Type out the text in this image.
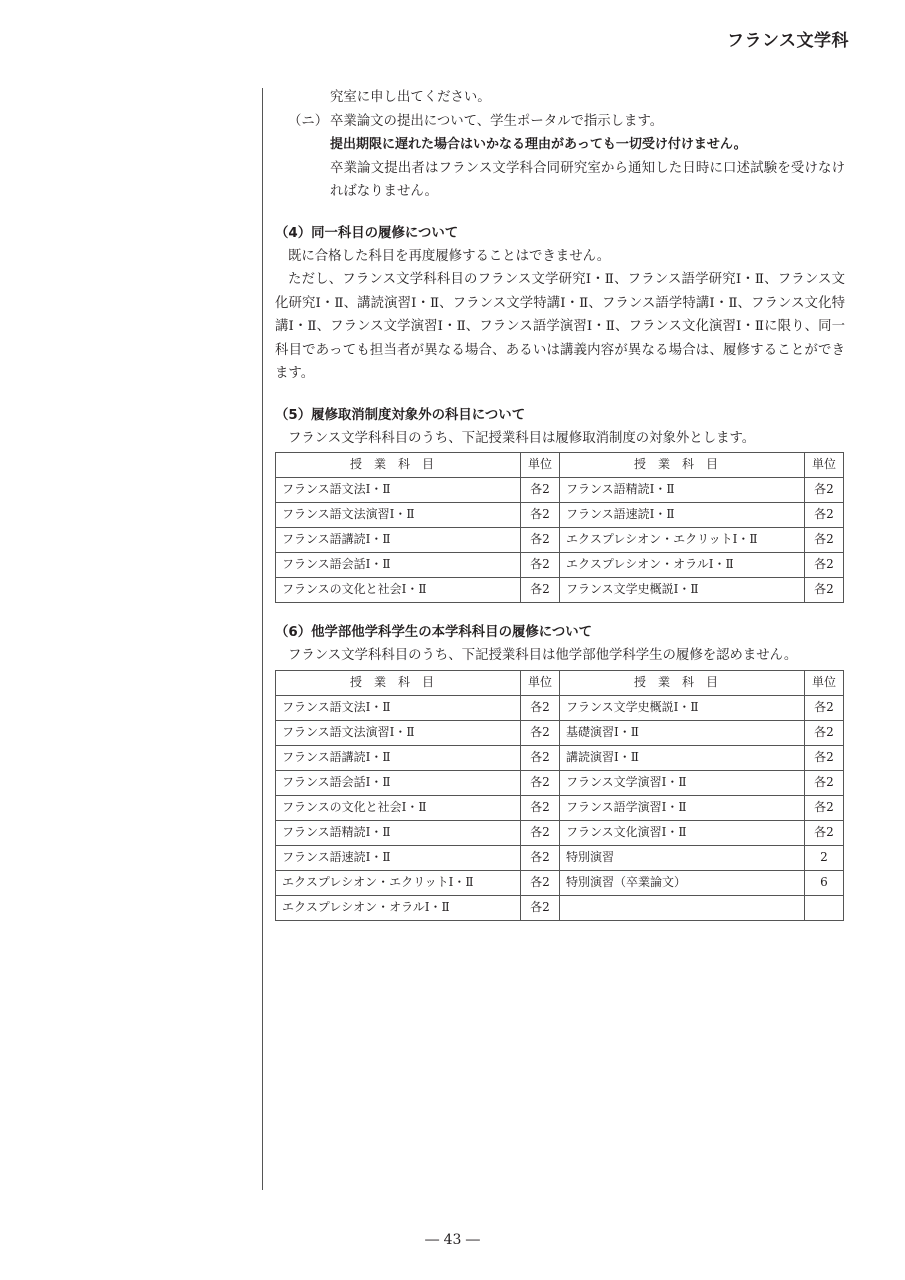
フランス文学科
究室に申し出てください。
（ニ） 卒業論文の提出について、学生ポータルで指示します。
提出期限に遅れた場合はいかなる理由があっても一切受け付けません。
卒業論文提出者はフランス文学科合同研究室から通知した日時に口述試験を受けなければなりません。
（4）同一科目の履修について
既に合格した科目を再度履修することはできません。
ただし、フランス文学科科目のフランス文学研究Ⅰ・Ⅱ、フランス語学研究Ⅰ・Ⅱ、フランス文化研究Ⅰ・Ⅱ、講読演習Ⅰ・Ⅱ、フランス文学特講Ⅰ・Ⅱ、フランス語学特講Ⅰ・Ⅱ、フランス文化特講Ⅰ・Ⅱ、フランス文学演習Ⅰ・Ⅱ、フランス語学演習Ⅰ・Ⅱ、フランス文化演習Ⅰ・Ⅱに限り、同一科目であっても担当者が異なる場合、あるいは講義内容が異なる場合は、履修することができます。
（5）履修取消制度対象外の科目について
フランス文学科科目のうち、下記授業科目は履修取消制度の対象外とします。
授業科目	単位	授業科目	単位
フランス語文法Ⅰ・Ⅱ	各2	フランス語精読Ⅰ・Ⅱ	各2
フランス語文法演習Ⅰ・Ⅱ	各2	フランス語速読Ⅰ・Ⅱ	各2
フランス語講読Ⅰ・Ⅱ	各2	エクスプレシオン・エクリットⅠ・Ⅱ	各2
フランス語会話Ⅰ・Ⅱ	各2	エクスプレシオン・オラルⅠ・Ⅱ	各2
フランスの文化と社会Ⅰ・Ⅱ	各2	フランス文学史概説Ⅰ・Ⅱ	各2
（6）他学部他学科学生の本学科科目の履修について
フランス文学科科目のうち、下記授業科目は他学部他学科学生の履修を認めません。
授業科目	単位	授業科目	単位
フランス語文法Ⅰ・Ⅱ	各2	フランス文学史概説Ⅰ・Ⅱ	各2
フランス語文法演習Ⅰ・Ⅱ	各2	基礎演習Ⅰ・Ⅱ	各2
フランス語講読Ⅰ・Ⅱ	各2	講読演習Ⅰ・Ⅱ	各2
フランス語会話Ⅰ・Ⅱ	各2	フランス文学演習Ⅰ・Ⅱ	各2
フランスの文化と社会Ⅰ・Ⅱ	各2	フランス語学演習Ⅰ・Ⅱ	各2
フランス語精読Ⅰ・Ⅱ	各2	フランス文化演習Ⅰ・Ⅱ	各2
フランス語速読Ⅰ・Ⅱ	各2	特別演習	2
エクスプレシオン・エクリットⅠ・Ⅱ	各2	特別演習（卒業論文）	6
エクスプレシオン・オラルⅠ・Ⅱ	各2		
― 43 ―
